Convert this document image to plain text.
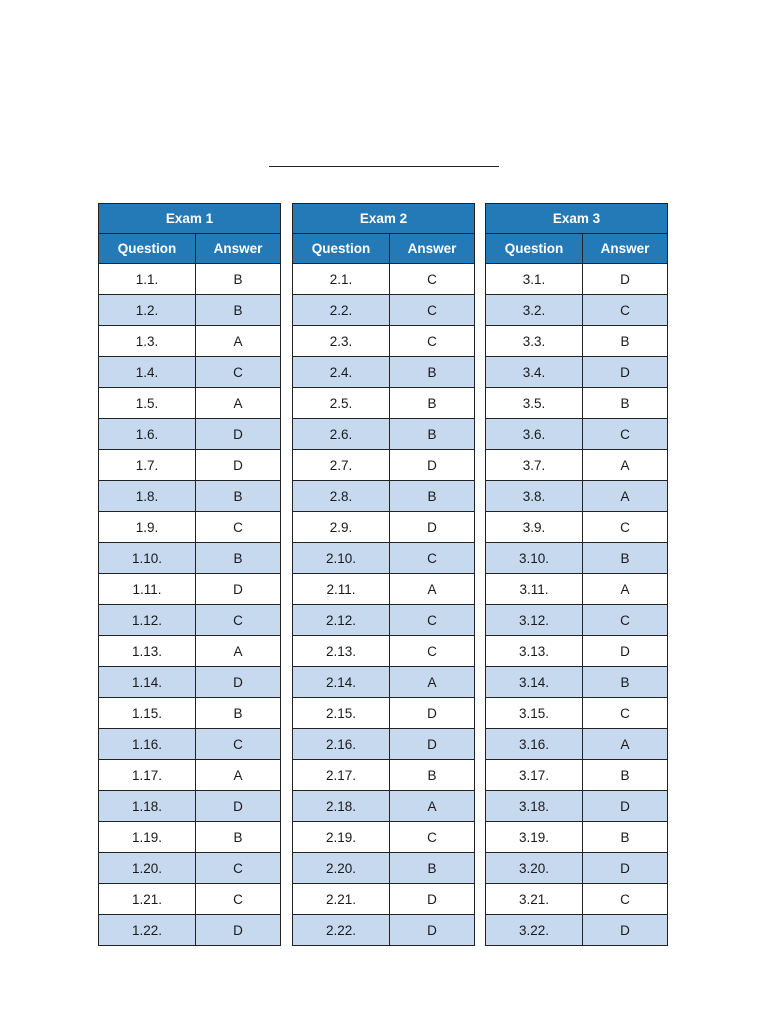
Exam 1	
Question	Answer
1.1.	B
1.2.	B
1.3.	A
1.4.	C
1.5.	A
1.6.	D
1.7.	D
1.8.	B
1.9.	C
1.10.	B
1.11.	D
1.12.	C
1.13.	A
1.14.	D
1.15.	B
1.16.	C
1.17.	A
1.18.	D
1.19.	B
1.20.	C
1.21.	C
1.22.	D
Exam 2	
Question	Answer
2.1.	C
2.2.	C
2.3.	C
2.4.	B
2.5.	B
2.6.	B
2.7.	D
2.8.	B
2.9.	D
2.10.	C
2.11.	A
2.12.	C
2.13.	C
2.14.	A
2.15.	D
2.16.	D
2.17.	B
2.18.	A
2.19.	C
2.20.	B
2.21.	D
2.22.	D
Exam 3	
Question	Answer
3.1.	D
3.2.	C
3.3.	B
3.4.	D
3.5.	B
3.6.	C
3.7.	A
3.8.	A
3.9.	C
3.10.	B
3.11.	A
3.12.	C
3.13.	D
3.14.	B
3.15.	C
3.16.	A
3.17.	B
3.18.	D
3.19.	B
3.20.	D
3.21.	C
3.22.	D
